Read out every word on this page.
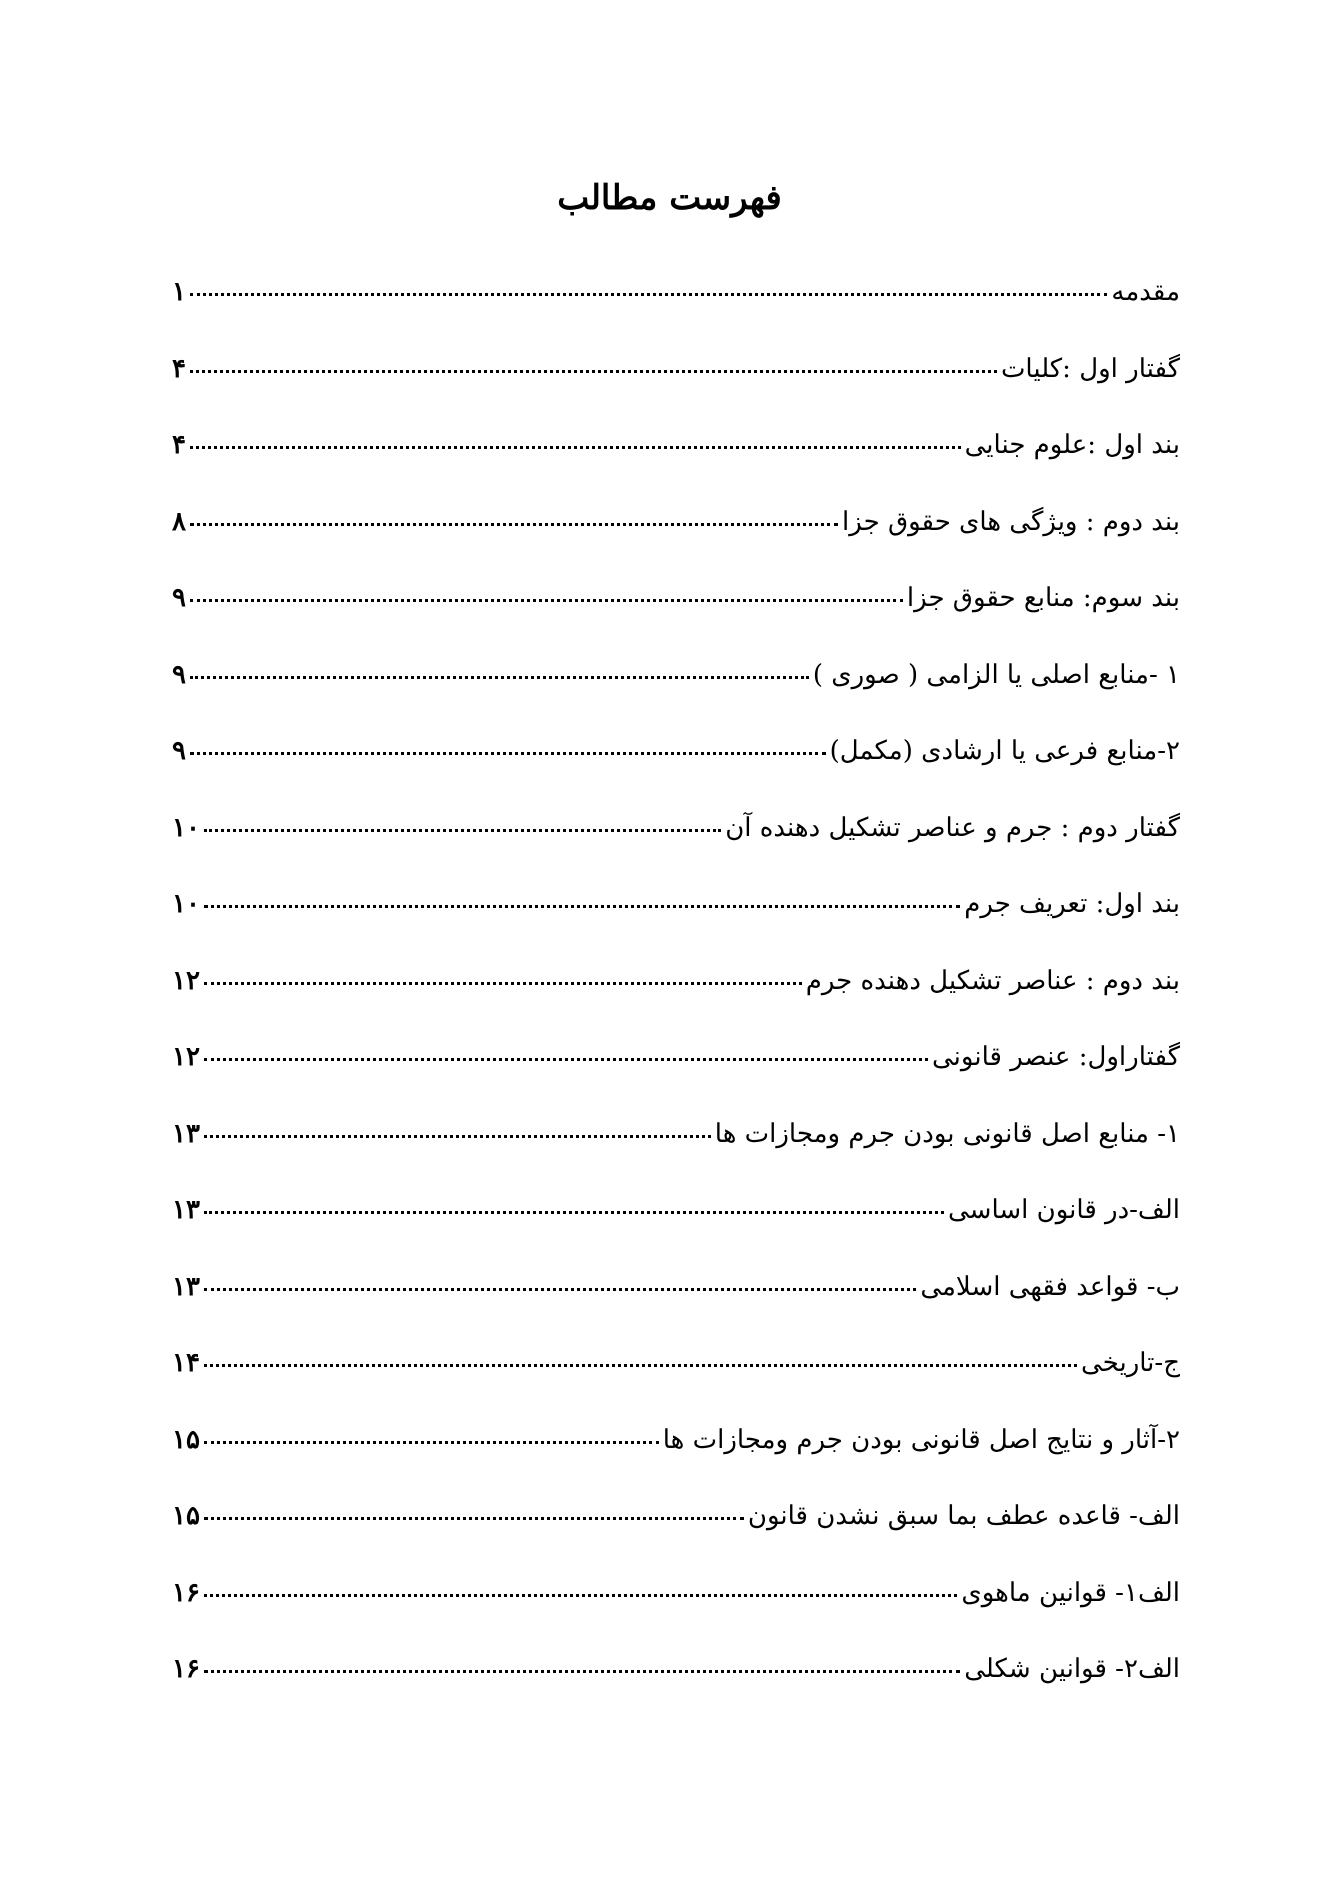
فهرست مطالب
مقدمه
۱
گفتار اول :کلیات
۴
بند اول :علوم جنایی
۴
بند دوم : ویژگی های حقوق جزا
۸
بند سوم: منابع حقوق جزا
۹
۱ -منابع اصلی یا الزامی ( صوری )
۹
۲-منابع فرعی یا ارشادی (مکمل)
۹
گفتار دوم : جرم و عناصر تشکیل دهنده آن
۱۰
بند اول: تعریف جرم
۱۰
بند دوم : عناصر تشکیل دهنده جرم
۱۲
گفتاراول: عنصر قانونی
۱۲
۱- منابع اصل قانونی بودن جرم ومجازات ها
۱۳
الف-در قانون اساسی
۱۳
ب- قواعد فقهی اسلامی
۱۳
ج-تاریخی
۱۴
۲-آثار و نتایج اصل قانونی بودن جرم ومجازات ها
۱۵
الف- قاعده عطف بما سبق نشدن قانون
۱۵
الف۱- قوانین ماهوی
۱۶
الف۲- قوانین شکلی
۱۶
